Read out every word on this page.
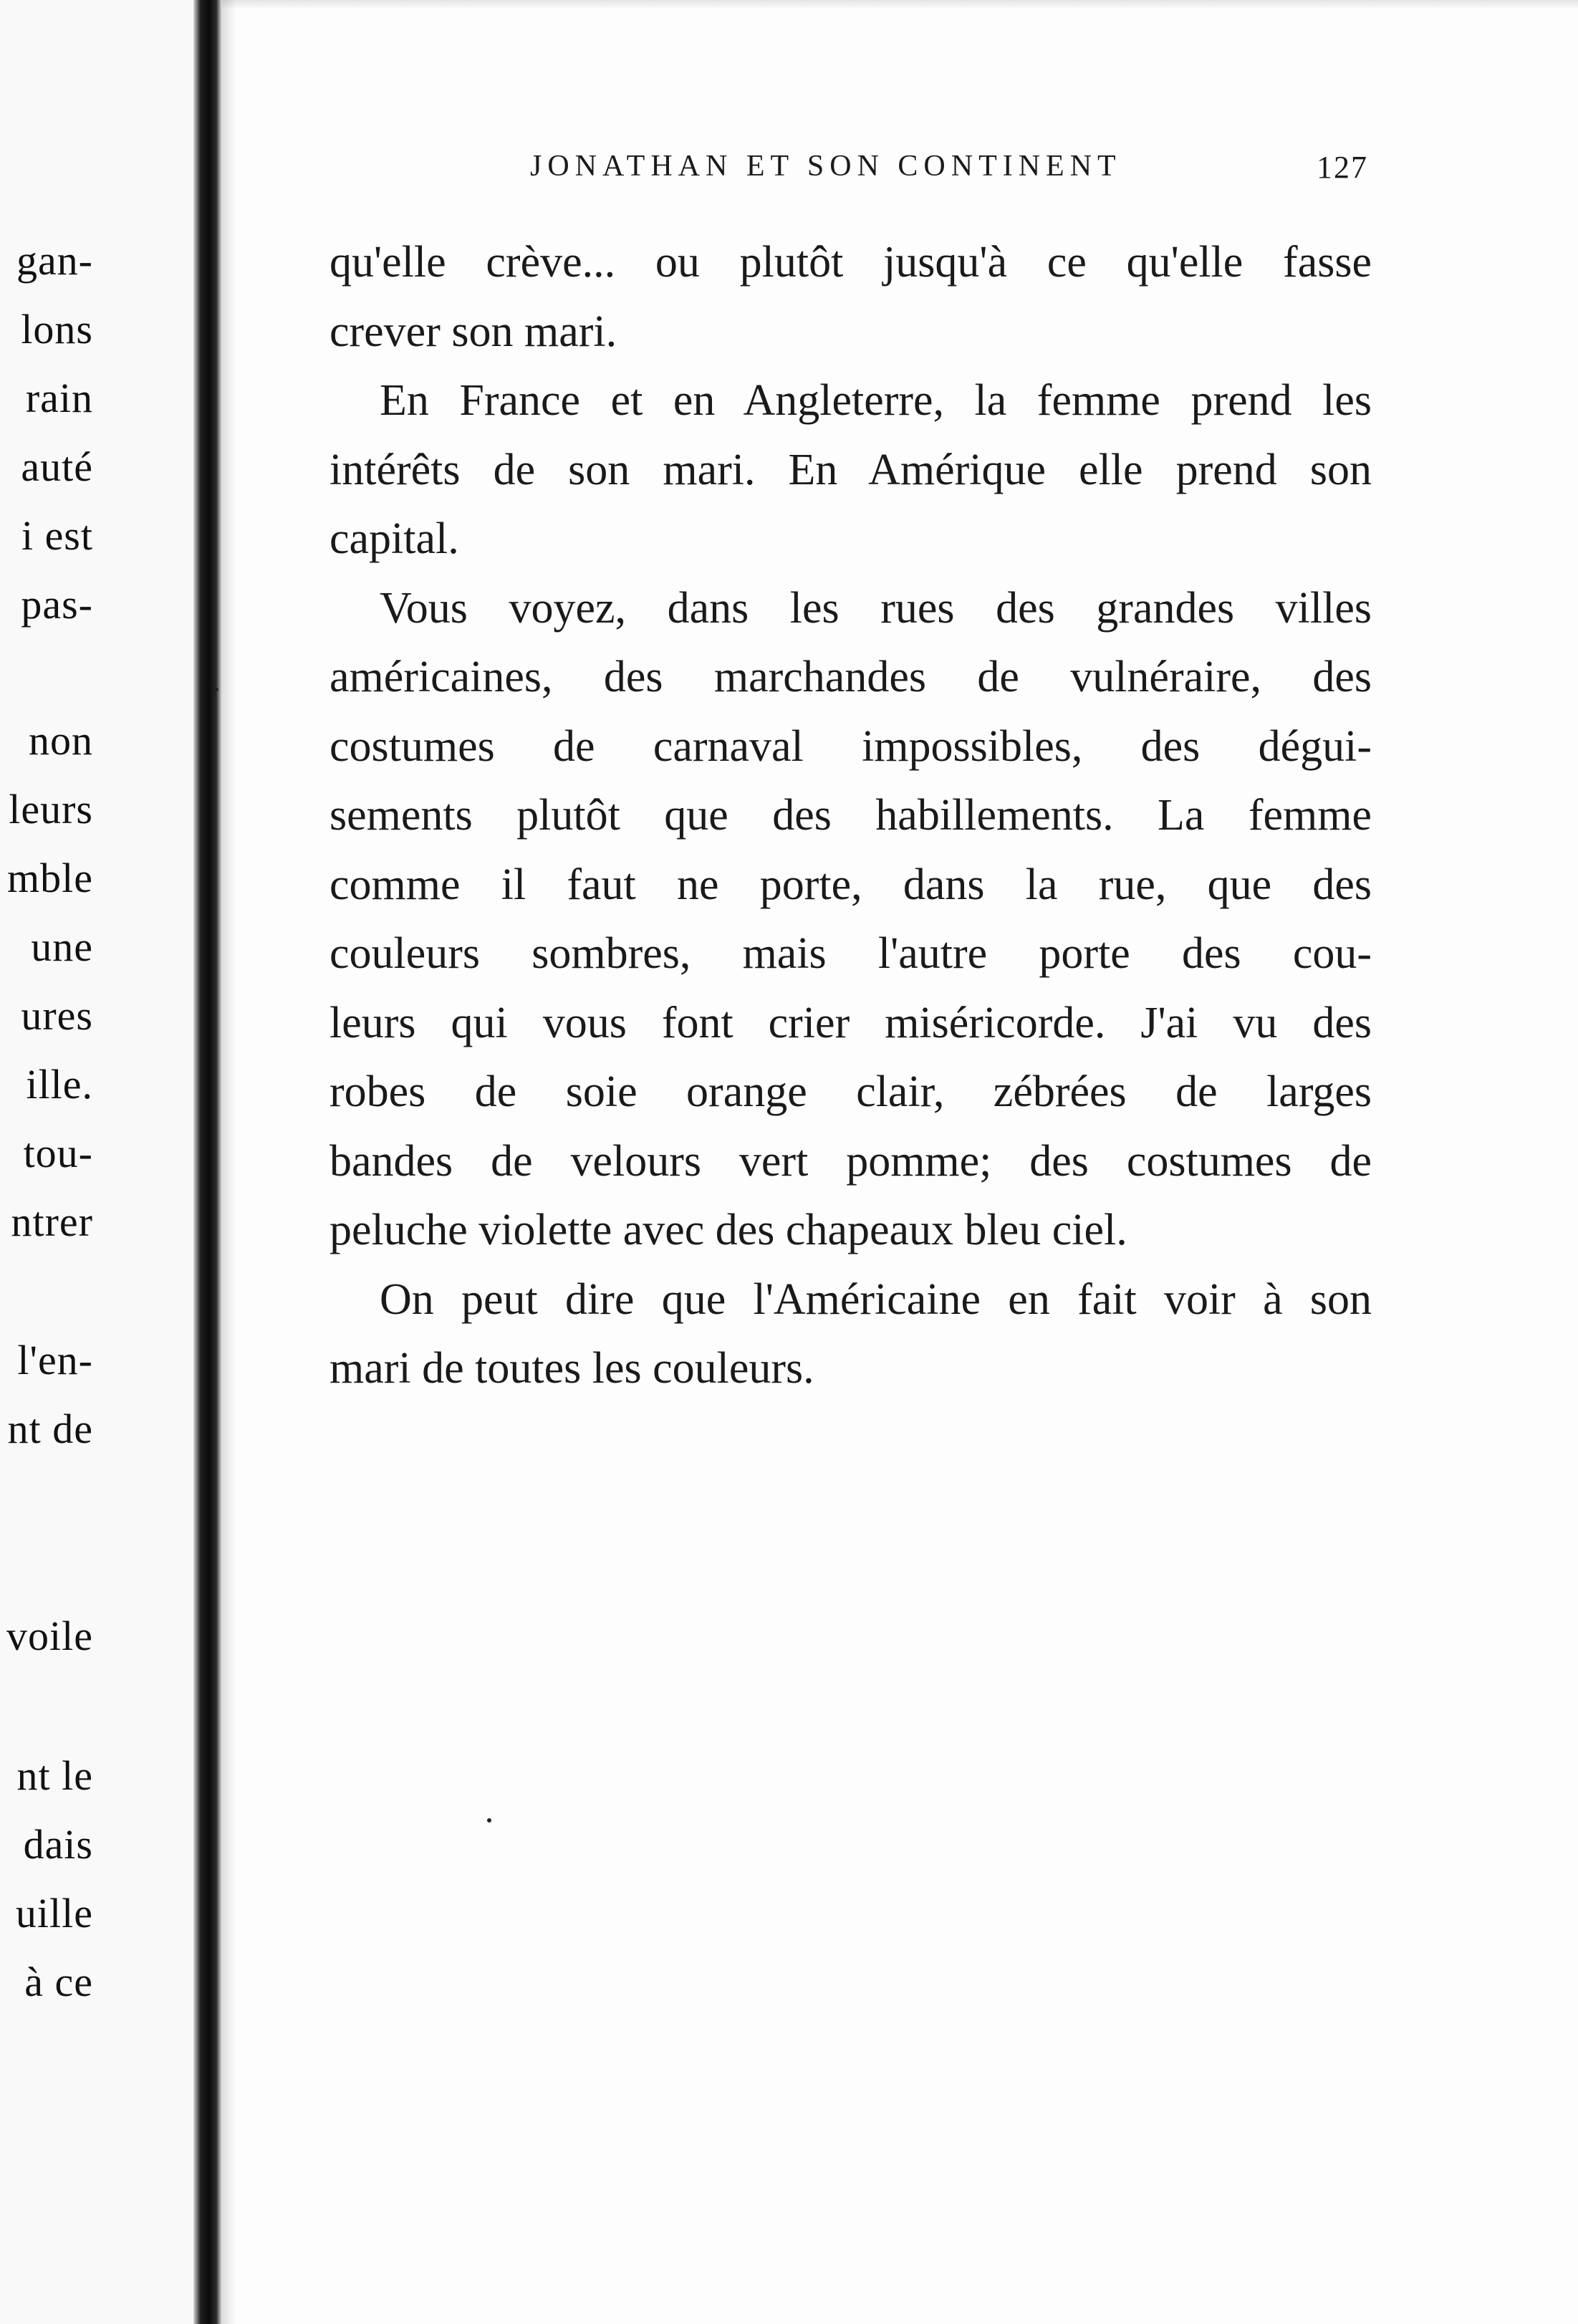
gan-
lons
rain
auté
i est
pas-
non
leurs
mble
une
ures
ille.
tou-
ntrer
l'en-
nt de
voile
nt le
dais
uille
à ce
JONATHAN ET SON CONTINENT	127
qu'elle crève... ou plutôt jusqu'à ce qu'elle fasse
crever son mari.
En France et en Angleterre, la femme prend les
intérêts de son mari. En Amérique elle prend son
capital.
Vous voyez, dans les rues des grandes villes
américaines, des marchandes de vulnéraire, des
costumes de carnaval impossibles, des dégui-
sements plutôt que des habillements. La femme
comme il faut ne porte, dans la rue, que des
couleurs sombres, mais l'autre porte des cou-
leurs qui vous font crier miséricorde. J'ai vu des
robes de soie orange clair, zébrées de larges
bandes de velours vert pomme; des costumes de
peluche violette avec des chapeaux bleu ciel.
On peut dire que l'Américaine en fait voir à son
mari de toutes les couleurs.
